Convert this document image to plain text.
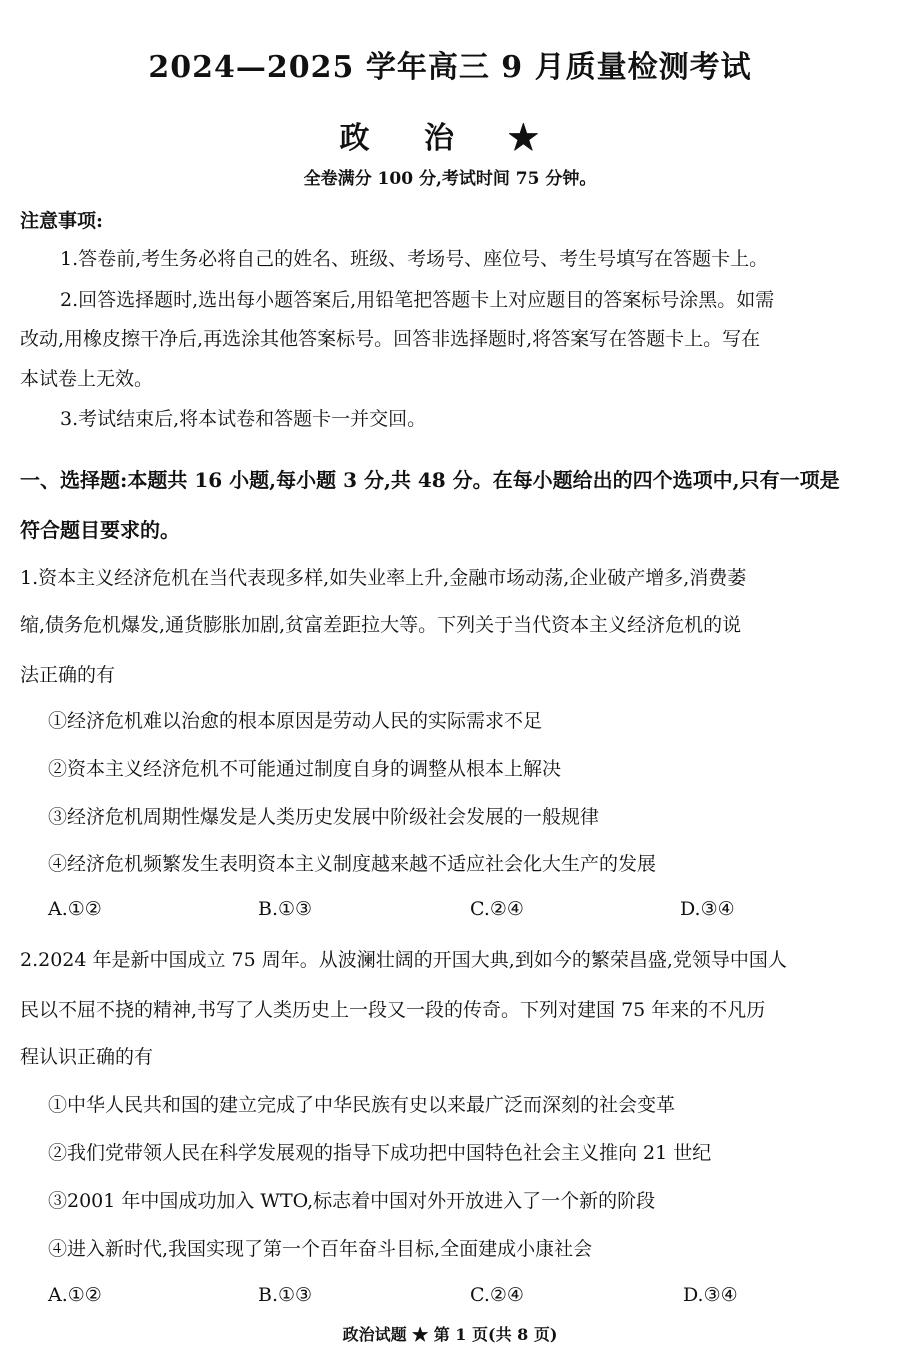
2024—2025 学年高三 9 月质量检测考试
政 治 ★
全卷满分 100 分,考试时间 75 分钟。
注意事项:
1.答卷前,考生务必将自己的姓名、班级、考场号、座位号、考生号填写在答题卡上。
2.回答选择题时,选出每小题答案后,用铅笔把答题卡上对应题目的答案标号涂黑。如需
改动,用橡皮擦干净后,再选涂其他答案标号。回答非选择题时,将答案写在答题卡上。写在
本试卷上无效。
3.考试结束后,将本试卷和答题卡一并交回。
一、选择题:本题共 16 小题,每小题 3 分,共 48 分。在每小题给出的四个选项中,只有一项是
符合题目要求的。
1.资本主义经济危机在当代表现多样,如失业率上升,金融市场动荡,企业破产增多,消费萎
缩,债务危机爆发,通货膨胀加剧,贫富差距拉大等。下列关于当代资本主义经济危机的说
法正确的有
①经济危机难以治愈的根本原因是劳动人民的实际需求不足
②资本主义经济危机不可能通过制度自身的调整从根本上解决
③经济危机周期性爆发是人类历史发展中阶级社会发展的一般规律
④经济危机频繁发生表明资本主义制度越来越不适应社会化大生产的发展
A.①②	B.①③	C.②④	D.③④
2.2024 年是新中国成立 75 周年。从波澜壮阔的开国大典,到如今的繁荣昌盛,党领导中国人
民以不屈不挠的精神,书写了人类历史上一段又一段的传奇。下列对建国 75 年来的不凡历
程认识正确的有
①中华人民共和国的建立完成了中华民族有史以来最广泛而深刻的社会变革
②我们党带领人民在科学发展观的指导下成功把中国特色社会主义推向 21 世纪
③2001 年中国成功加入 WTO,标志着中国对外开放进入了一个新的阶段
④进入新时代,我国实现了第一个百年奋斗目标,全面建成小康社会
A.①②	B.①③	C.②④	D.③④
政治试题 ★ 第 1 页(共 8 页)
